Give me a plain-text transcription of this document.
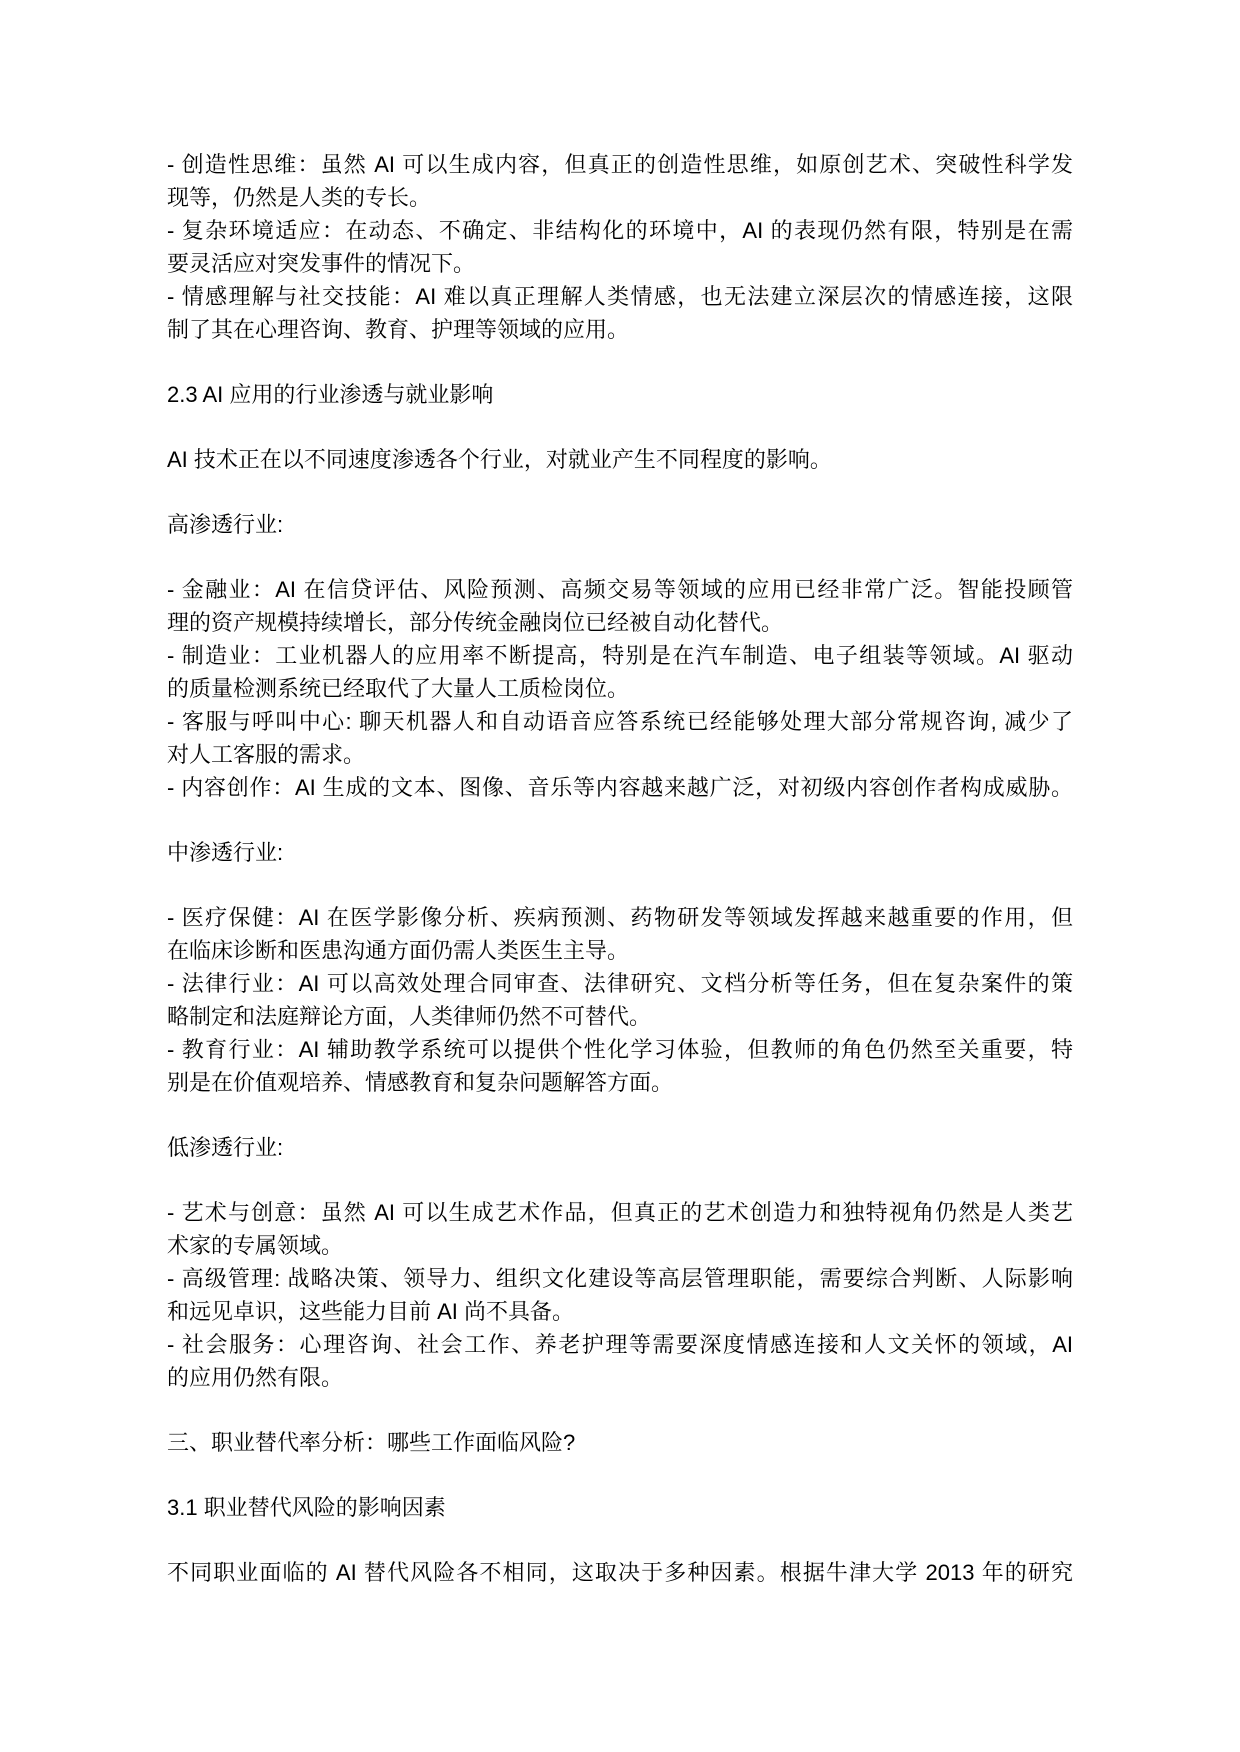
- 创造性思维：虽然 AI 可以生成内容，但真正的创造性思维，如原创艺术、突破性科学发
现等，仍然是人类的专长。
- 复杂环境适应：在动态、不确定、非结构化的环境中，AI 的表现仍然有限，特别是在需
要灵活应对突发事件的情况下。
- 情感理解与社交技能：AI 难以真正理解人类情感，也无法建立深层次的情感连接，这限
制了其在心理咨询、教育、护理等领域的应用。
2.3 AI 应用的行业渗透与就业影响
AI 技术正在以不同速度渗透各个行业，对就业产生不同程度的影响。
高渗透行业:
- 金融业：AI 在信贷评估、风险预测、高频交易等领域的应用已经非常广泛。智能投顾管
理的资产规模持续增长，部分传统金融岗位已经被自动化替代。
- 制造业：工业机器人的应用率不断提高，特别是在汽车制造、电子组装等领域。AI 驱动
的质量检测系统已经取代了大量人工质检岗位。
- 客服与呼叫中心: 聊天机器人和自动语音应答系统已经能够处理大部分常规咨询, 减少了
对人工客服的需求。
- 内容创作：AI 生成的文本、图像、音乐等内容越来越广泛，对初级内容创作者构成威胁。
中渗透行业:
- 医疗保健：AI 在医学影像分析、疾病预测、药物研发等领域发挥越来越重要的作用，但
在临床诊断和医患沟通方面仍需人类医生主导。
- 法律行业：AI 可以高效处理合同审查、法律研究、文档分析等任务，但在复杂案件的策
略制定和法庭辩论方面，人类律师仍然不可替代。
- 教育行业：AI 辅助教学系统可以提供个性化学习体验，但教师的角色仍然至关重要，特
别是在价值观培养、情感教育和复杂问题解答方面。
低渗透行业:
- 艺术与创意：虽然 AI 可以生成艺术作品，但真正的艺术创造力和独特视角仍然是人类艺
术家的专属领域。
- 高级管理: 战略决策、领导力、组织文化建设等高层管理职能，需要综合判断、人际影响
和远见卓识，这些能力目前 AI 尚不具备。
- 社会服务：心理咨询、社会工作、养老护理等需要深度情感连接和人文关怀的领域，AI
的应用仍然有限。
三、职业替代率分析：哪些工作面临风险?
3.1 职业替代风险的影响因素
不同职业面临的 AI 替代风险各不相同，这取决于多种因素。根据牛津大学 2013 年的研究
